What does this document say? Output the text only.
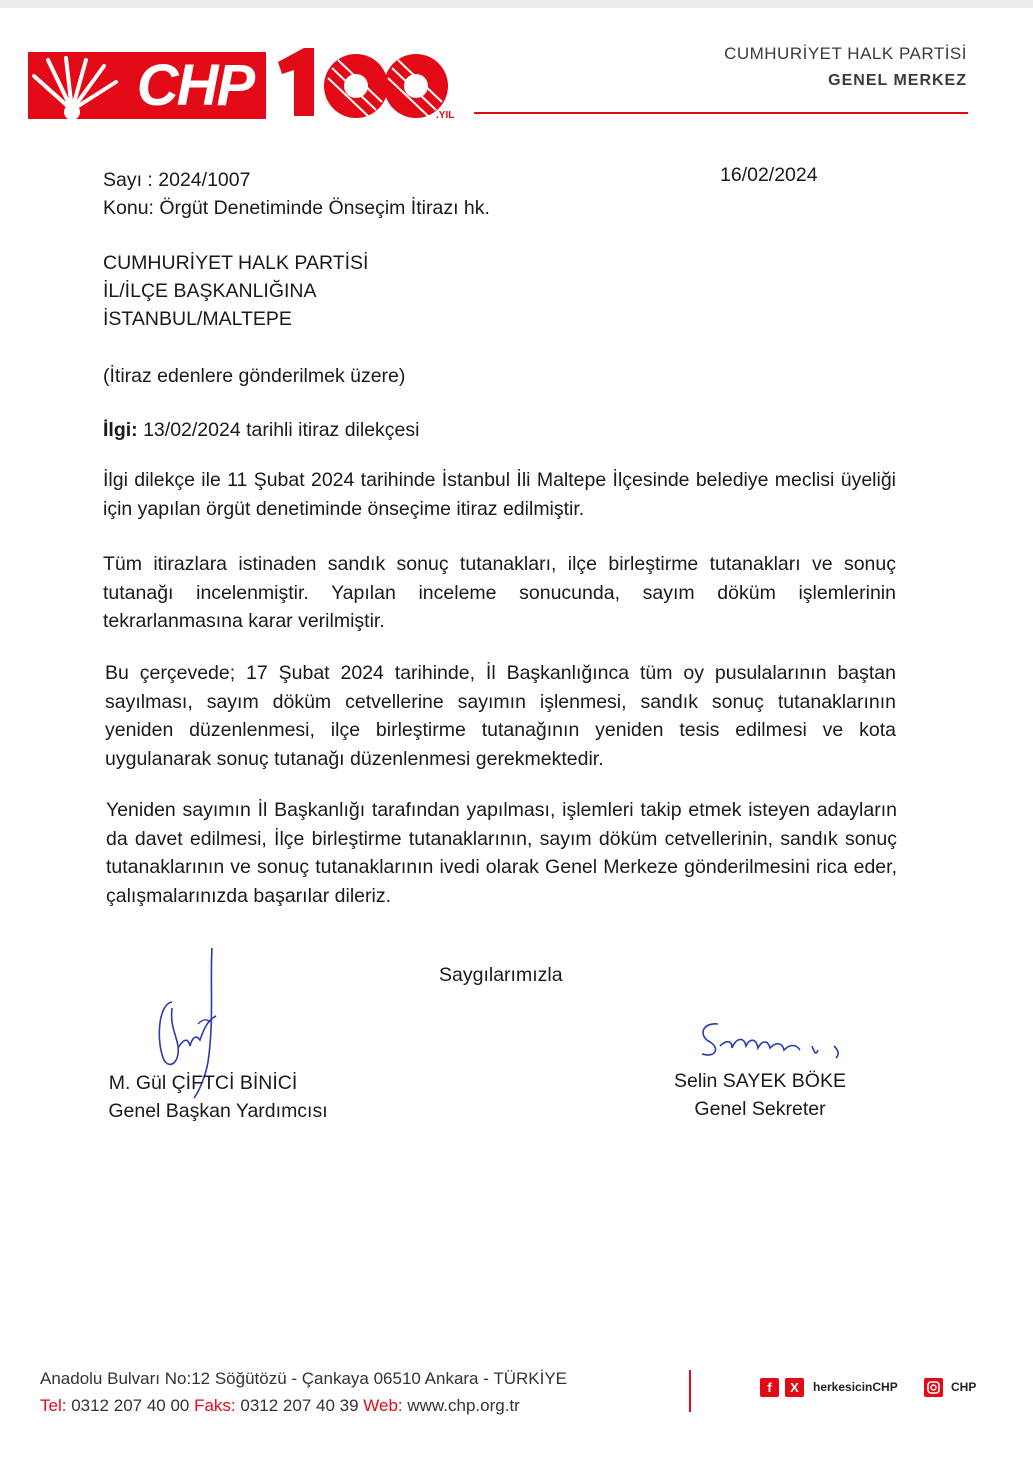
CHP	.YIL
CUMHURİYET HALK PARTİSİ
GENEL MERKEZ
Sayı : 2024/1007
Konu: Örgüt Denetiminde Önseçim İtirazı hk.
16/02/2024
CUMHURİYET HALK PARTİSİ
İL/İLÇE BAŞKANLIĞINA
İSTANBUL/MALTEPE
(İtiraz edenlere gönderilmek üzere)
İlgi: 13/02/2024 tarihli itiraz dilekçesi
İlgi dilekçe ile 11 Şubat 2024 tarihinde İstanbul İli Maltepe İlçesinde belediye meclisi üyeliği için yapılan örgüt denetiminde önseçime itiraz edilmiştir.
Tüm itirazlara istinaden sandık sonuç tutanakları, ilçe birleştirme tutanakları ve sonuç tutanağı incelenmiştir. Yapılan inceleme sonucunda, sayım döküm işlemlerinin tekrarlanmasına karar verilmiştir.
Bu çerçevede; 17 Şubat 2024 tarihinde, İl Başkanlığınca tüm oy pusulalarının baştan sayılması, sayım döküm cetvellerine sayımın işlenmesi, sandık sonuç tutanaklarının yeniden düzenlenmesi, ilçe birleştirme tutanağının yeniden tesis edilmesi ve kota uygulanarak sonuç tutanağı düzenlenmesi gerekmektedir.
Yeniden sayımın İl Başkanlığı tarafından yapılması, işlemleri takip etmek isteyen adayların da davet edilmesi, İlçe birleştirme tutanaklarının, sayım döküm cetvellerinin, sandık sonuç tutanaklarının ve sonuç tutanaklarının ivedi olarak Genel Merkeze gönderilmesini rica eder, çalışmalarınızda başarılar dileriz.
Saygılarımızla
M. Gül ÇİFTCİ BİNİCİ
Genel Başkan Yardımcısı
Selin SAYEK BÖKE
Genel Sekreter
Anadolu Bulvarı No:12 Söğütözü - Çankaya 06510 Ankara - TÜRKİYE
Tel: 0312 207 40 00 Faks: 0312 207 40 39 Web: www.chp.org.tr
f	X	herkesicinCHP	CHP
